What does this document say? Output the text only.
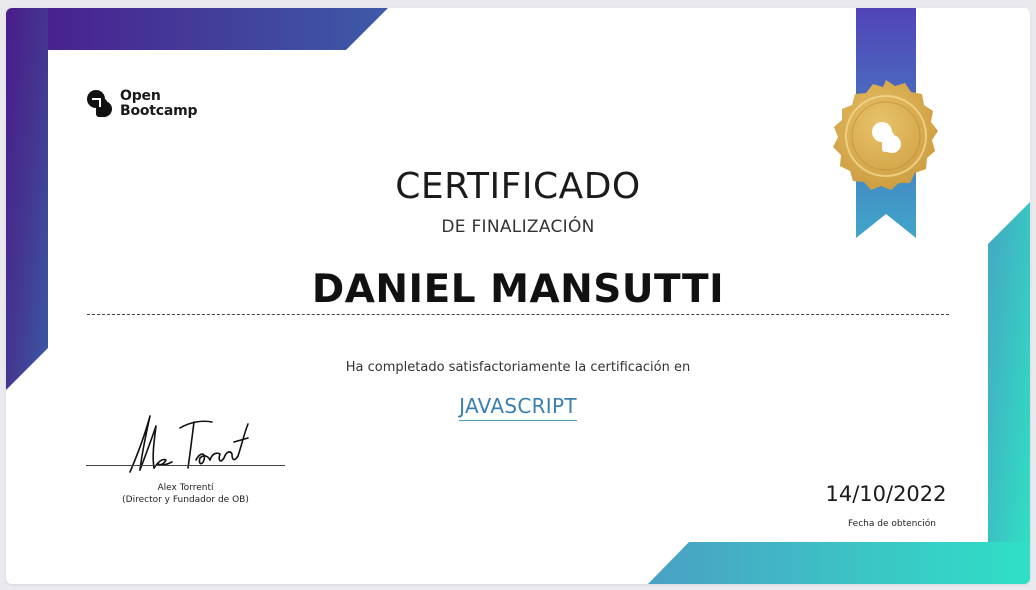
Open
Bootcamp
CERTIFICADO
DE FINALIZACIÓN
DANIEL MANSUTTI
Ha completado satisfactoriamente la certificación en
JAVASCRIPT
Alex Torrentí
(Director y Fundador de OB)	14/10/2022
Fecha de obtención
